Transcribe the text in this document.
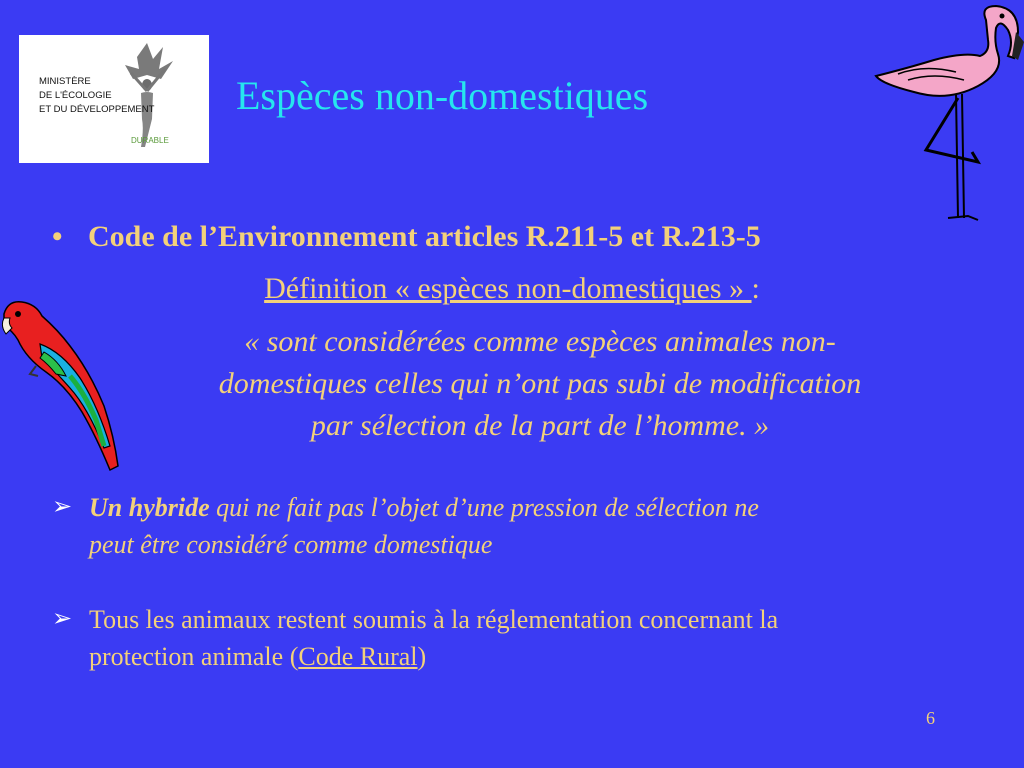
MINISTÈRE
DE L'ÉCOLOGIE
ET DU DÉVELOPPEMENT
DURABLE
Espèces non-domestiques
• Code de l’Environnement articles R.211-5 et R.213-5
Définition « espèces non-domestiques » :
« sont considérées comme espèces animales non-
domestiques celles qui n’ont pas subi de modification
par sélection de la part de l’homme. »
➢ Un hybride qui ne fait pas l’objet d’une pression de sélection ne
peut être considéré comme domestique
➢ Tous les animaux restent soumis à la réglementation concernant la
protection animale (Code Rural)
6
